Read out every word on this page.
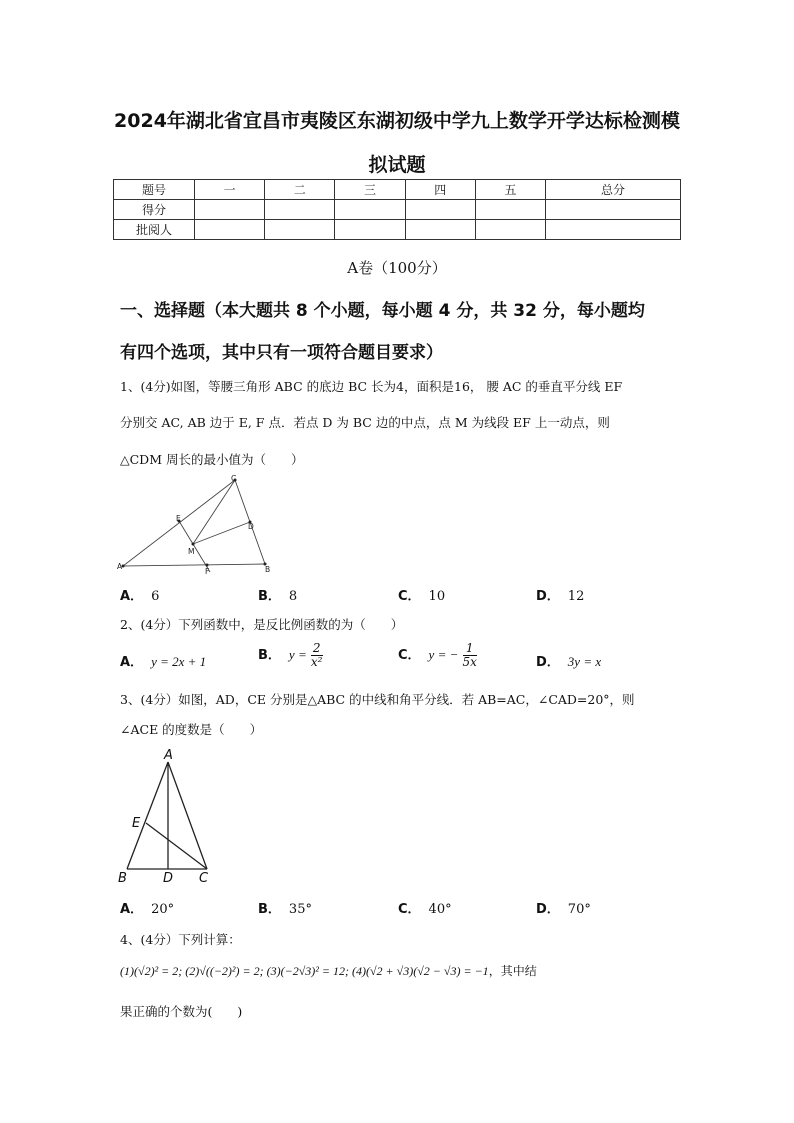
2024年湖北省宜昌市夷陵区东湖初级中学九上数学开学达标检测模
拟试题
题号	一	二	三	四	五	总分
得分						
批阅人						
A卷（100分）
一、选择题（本大题共 8 个小题，每小题 4 分，共 32 分，每小题均
有四个选项，其中只有一项符合题目要求）
1、(4分)如图，等腰三角形 ABC 的底边 BC 长为4，面积是16， 腰 AC 的垂直平分线 EF
分别交 AC, AB 边于 E, F 点．若点 D 为 BC 边的中点，点 M 为线段 EF 上一动点，则
△CDM 周长的最小值为（　　）
A	B
C
D
E
F
M
A． 6	B． 8	C． 10	D． 12
2、(4分）下列函数中，是反比例函数的为（　　）
A． y = 2x + 1	B． $y = \frac{2}{\text{x²}}$	C． y = − $\frac{1}{5x}$	D． 3y = x
3、(4分）如图，AD，CE 分别是△ABC 的中线和角平分线．若 AB=AC，∠CAD=20°，则
∠ACE 的度数是（　　）
A
B	C
D
E
A． 20°	B． 35°	C． 40°	D． 70°
4、(4分）下列计算：
(1)(√2)² = 2; (2)√((−2)²) = 2; (3)(−2√3)² = 12; (4)(√2 + √3)(√2 − √3) = −1，其中结
果正确的个数为(　　)
